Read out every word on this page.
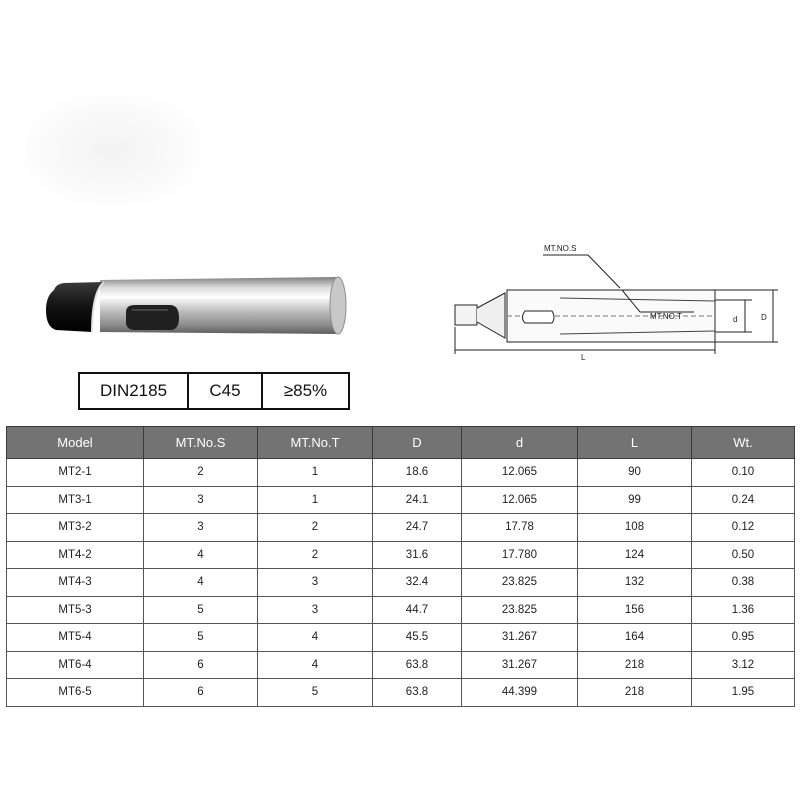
MT.NO.S
MT.NO.T	d	D
L
DIN2185	C45	≥85%
Model	MT.No.S	MT.No.T	D	d	L	Wt.
MT2-1	2	1	18.6	12.065	90	0.10
MT3-1	3	1	24.1	12.065	99	0.24
MT3-2	3	2	24.7	17.78	108	0.12
MT4-2	4	2	31.6	17.780	124	0.50
MT4-3	4	3	32.4	23.825	132	0.38
MT5-3	5	3	44.7	23.825	156	1.36
MT5-4	5	4	45.5	31.267	164	0.95
MT6-4	6	4	63.8	31.267	218	3.12
MT6-5	6	5	63.8	44.399	218	1.95
